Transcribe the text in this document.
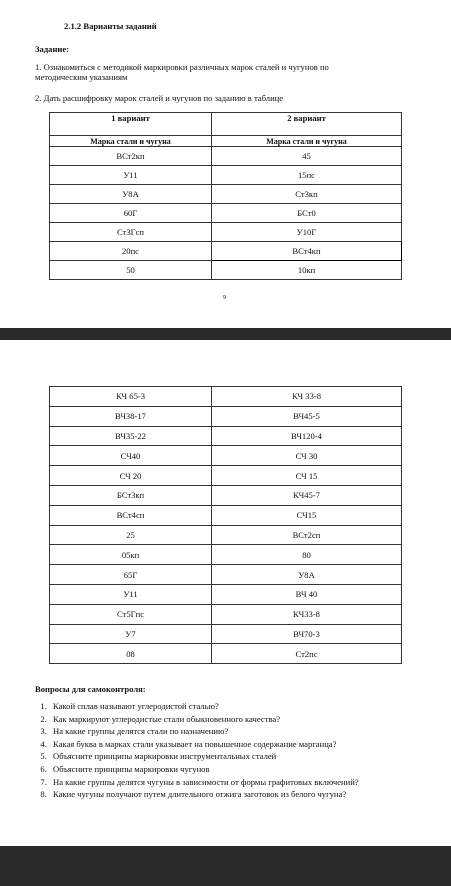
2.1.2 Варианты заданий
Задание:
1. Ознакомиться с методикой маркировки различных марок сталей и чугунов по
методическим указаниям
2. Дать расшифровку марок сталей и чугунов по заданию в таблице
1 вариант	2 вариант
Марка стали и чугуна	Марка стали и чугуна
ВСт2кп	45
У11	15пс
У8А	Ст3кп
60Г	БСт0
Ст3Гсп	У10Г
20пс	ВСт4кп
50	10кп
9
КЧ 65-3	КЧ 33-8
ВЧ38-17	ВЧ45-5
ВЧ35-22	ВЧ120-4
СЧ40	СЧ 30
СЧ 20	СЧ 15
БСт3кп	КЧ45-7
ВСт4сп	СЧ15
25	ВСт2сп
05кп	80
65Г	У8А
У11	ВЧ 40
Ст5Гпс	КЧ33-8
У7	ВЧ70-3
08	Ст2пс
Вопросы для самоконтроля:
1. Какой сплав называют углеродистой сталью?
2. Как маркируют углеродистые стали обыкновенного качества?
3. На какие группы делятся стали по назначению?
4. Какая буква в марках стали указывает на повышенное содержание марганца?
5. Объясните принципы маркировки инструментальных сталей
6. Объясните принципы маркировки чугунов
7. На какие группы делятся чугуны в зависимости от формы графитовых включений?
8. Какие чугуны получают путем длительного отжига заготовок из белого чугуна?
